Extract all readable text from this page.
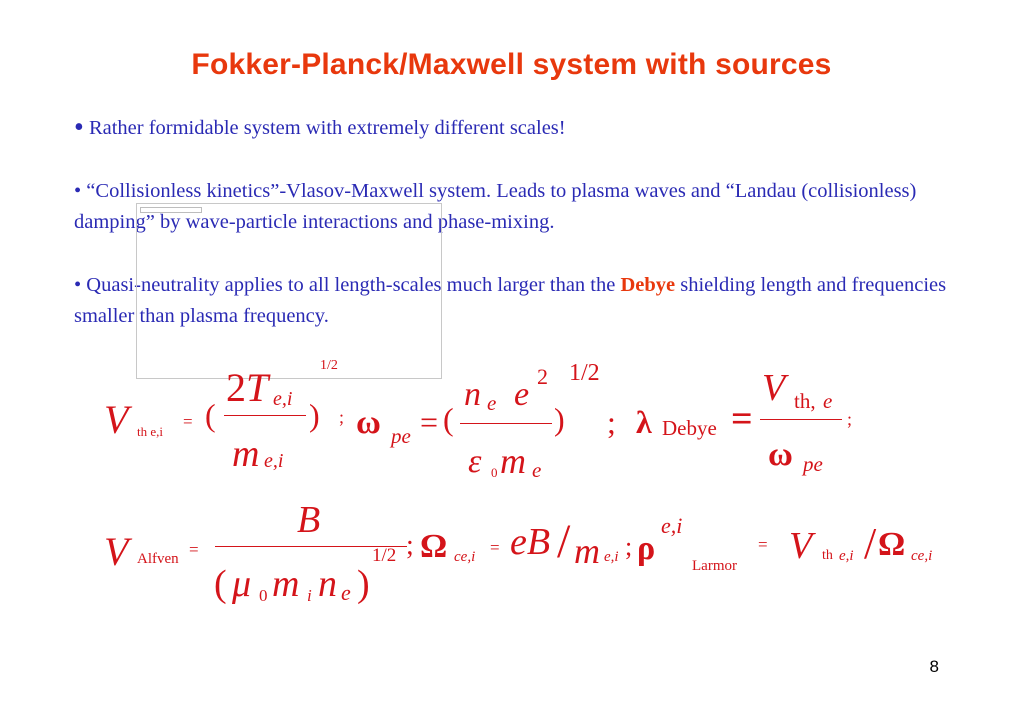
Fokker-Planck/Maxwell system with sources
• Rather formidable system with extremely different scales!
• “Collisionless kinetics”-Vlasov-Maxwell system. Leads to plasma waves and “Landau (collisionless) damping” by wave-particle interactions and phase-mixing.
• Quasi-neutrality applies to all length-scales much larger than the Debye shielding length and frequencies smaller than plasma frequency.
V th e,i
= (
2 T e,i )
1/2
m e,i
; ω pe = (
n e e 2
)
1/2
ε 0 m e
; λ Debye =
V th, e
ω pe
;
V Alfven =
B
( μ 0 m i n e )
1/2 ; Ω ce,i = eB / m e,i ; ρ
e,i
Larmor
= V th e,i / Ω ce,i
8
